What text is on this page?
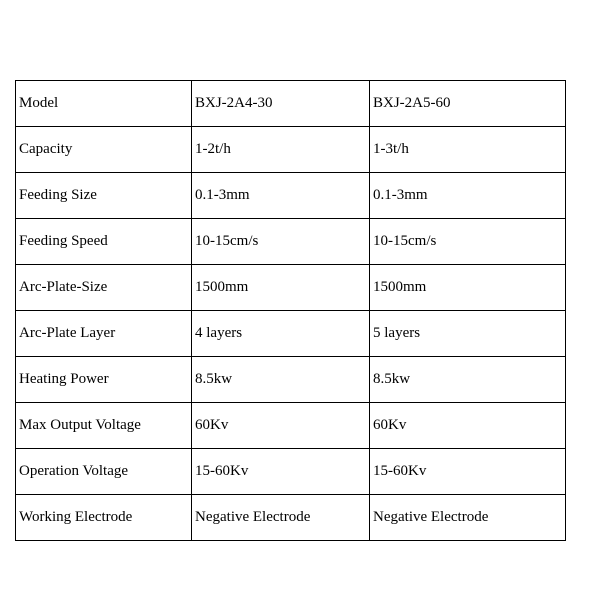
Model	BXJ-2A4-30	BXJ-2A5-60
Capacity	1-2t/h	1-3t/h
Feeding Size	0.1-3mm	0.1-3mm
Feeding Speed	10-15cm/s	10-15cm/s
Arc-Plate-Size	1500mm	1500mm
Arc-Plate Layer	4 layers	5 layers
Heating Power	8.5kw	8.5kw
Max Output Voltage	60Kv	60Kv
Operation Voltage	15-60Kv	15-60Kv
Working Electrode	Negative Electrode	Negative Electrode
